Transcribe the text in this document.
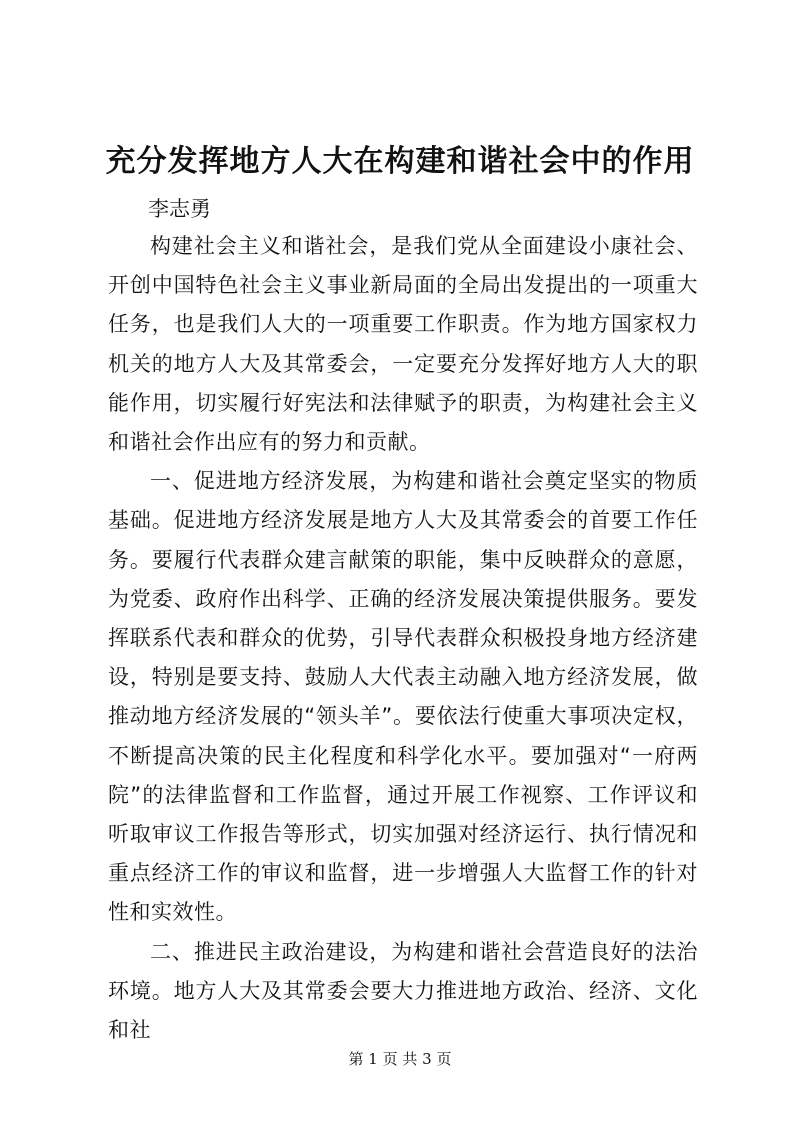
充分发挥地方人大在构建和谐社会中的作用
李志勇

构建社会主义和谐社会，是我们党从全面建设小康社会、开创中国特色社会主义事业新局面的全局出发提出的一项重大任务，也是我们人大的一项重要工作职责。作为地方国家权力机关的地方人大及其常委会，一定要充分发挥好地方人大的职能作用，切实履行好宪法和法律赋予的职责，为构建社会主义和谐社会作出应有的努力和贡献。

一、促进地方经济发展，为构建和谐社会奠定坚实的物质基础。促进地方经济发展是地方人大及其常委会的首要工作任务。要履行代表群众建言献策的职能，集中反映群众的意愿，为党委、政府作出科学、正确的经济发展决策提供服务。要发挥联系代表和群众的优势，引导代表群众积极投身地方经济建设，特别是要支持、鼓励人大代表主动融入地方经济发展，做推动地方经济发展的“领头羊”。要依法行使重大事项决定权，不断提高决策的民主化程度和科学化水平。要加强对“一府两院”的法律监督和工作监督，通过开展工作视察、工作评议和听取审议工作报告等形式，切实加强对经济运行、执行情况和重点经济工作的审议和监督，进一步增强人大监督工作的针对性和实效性。

二、推进民主政治建设，为构建和谐社会营造良好的法治环境。地方人大及其常委会要大力推进地方政治、经济、文化和社

第 1 页 共 3 页
